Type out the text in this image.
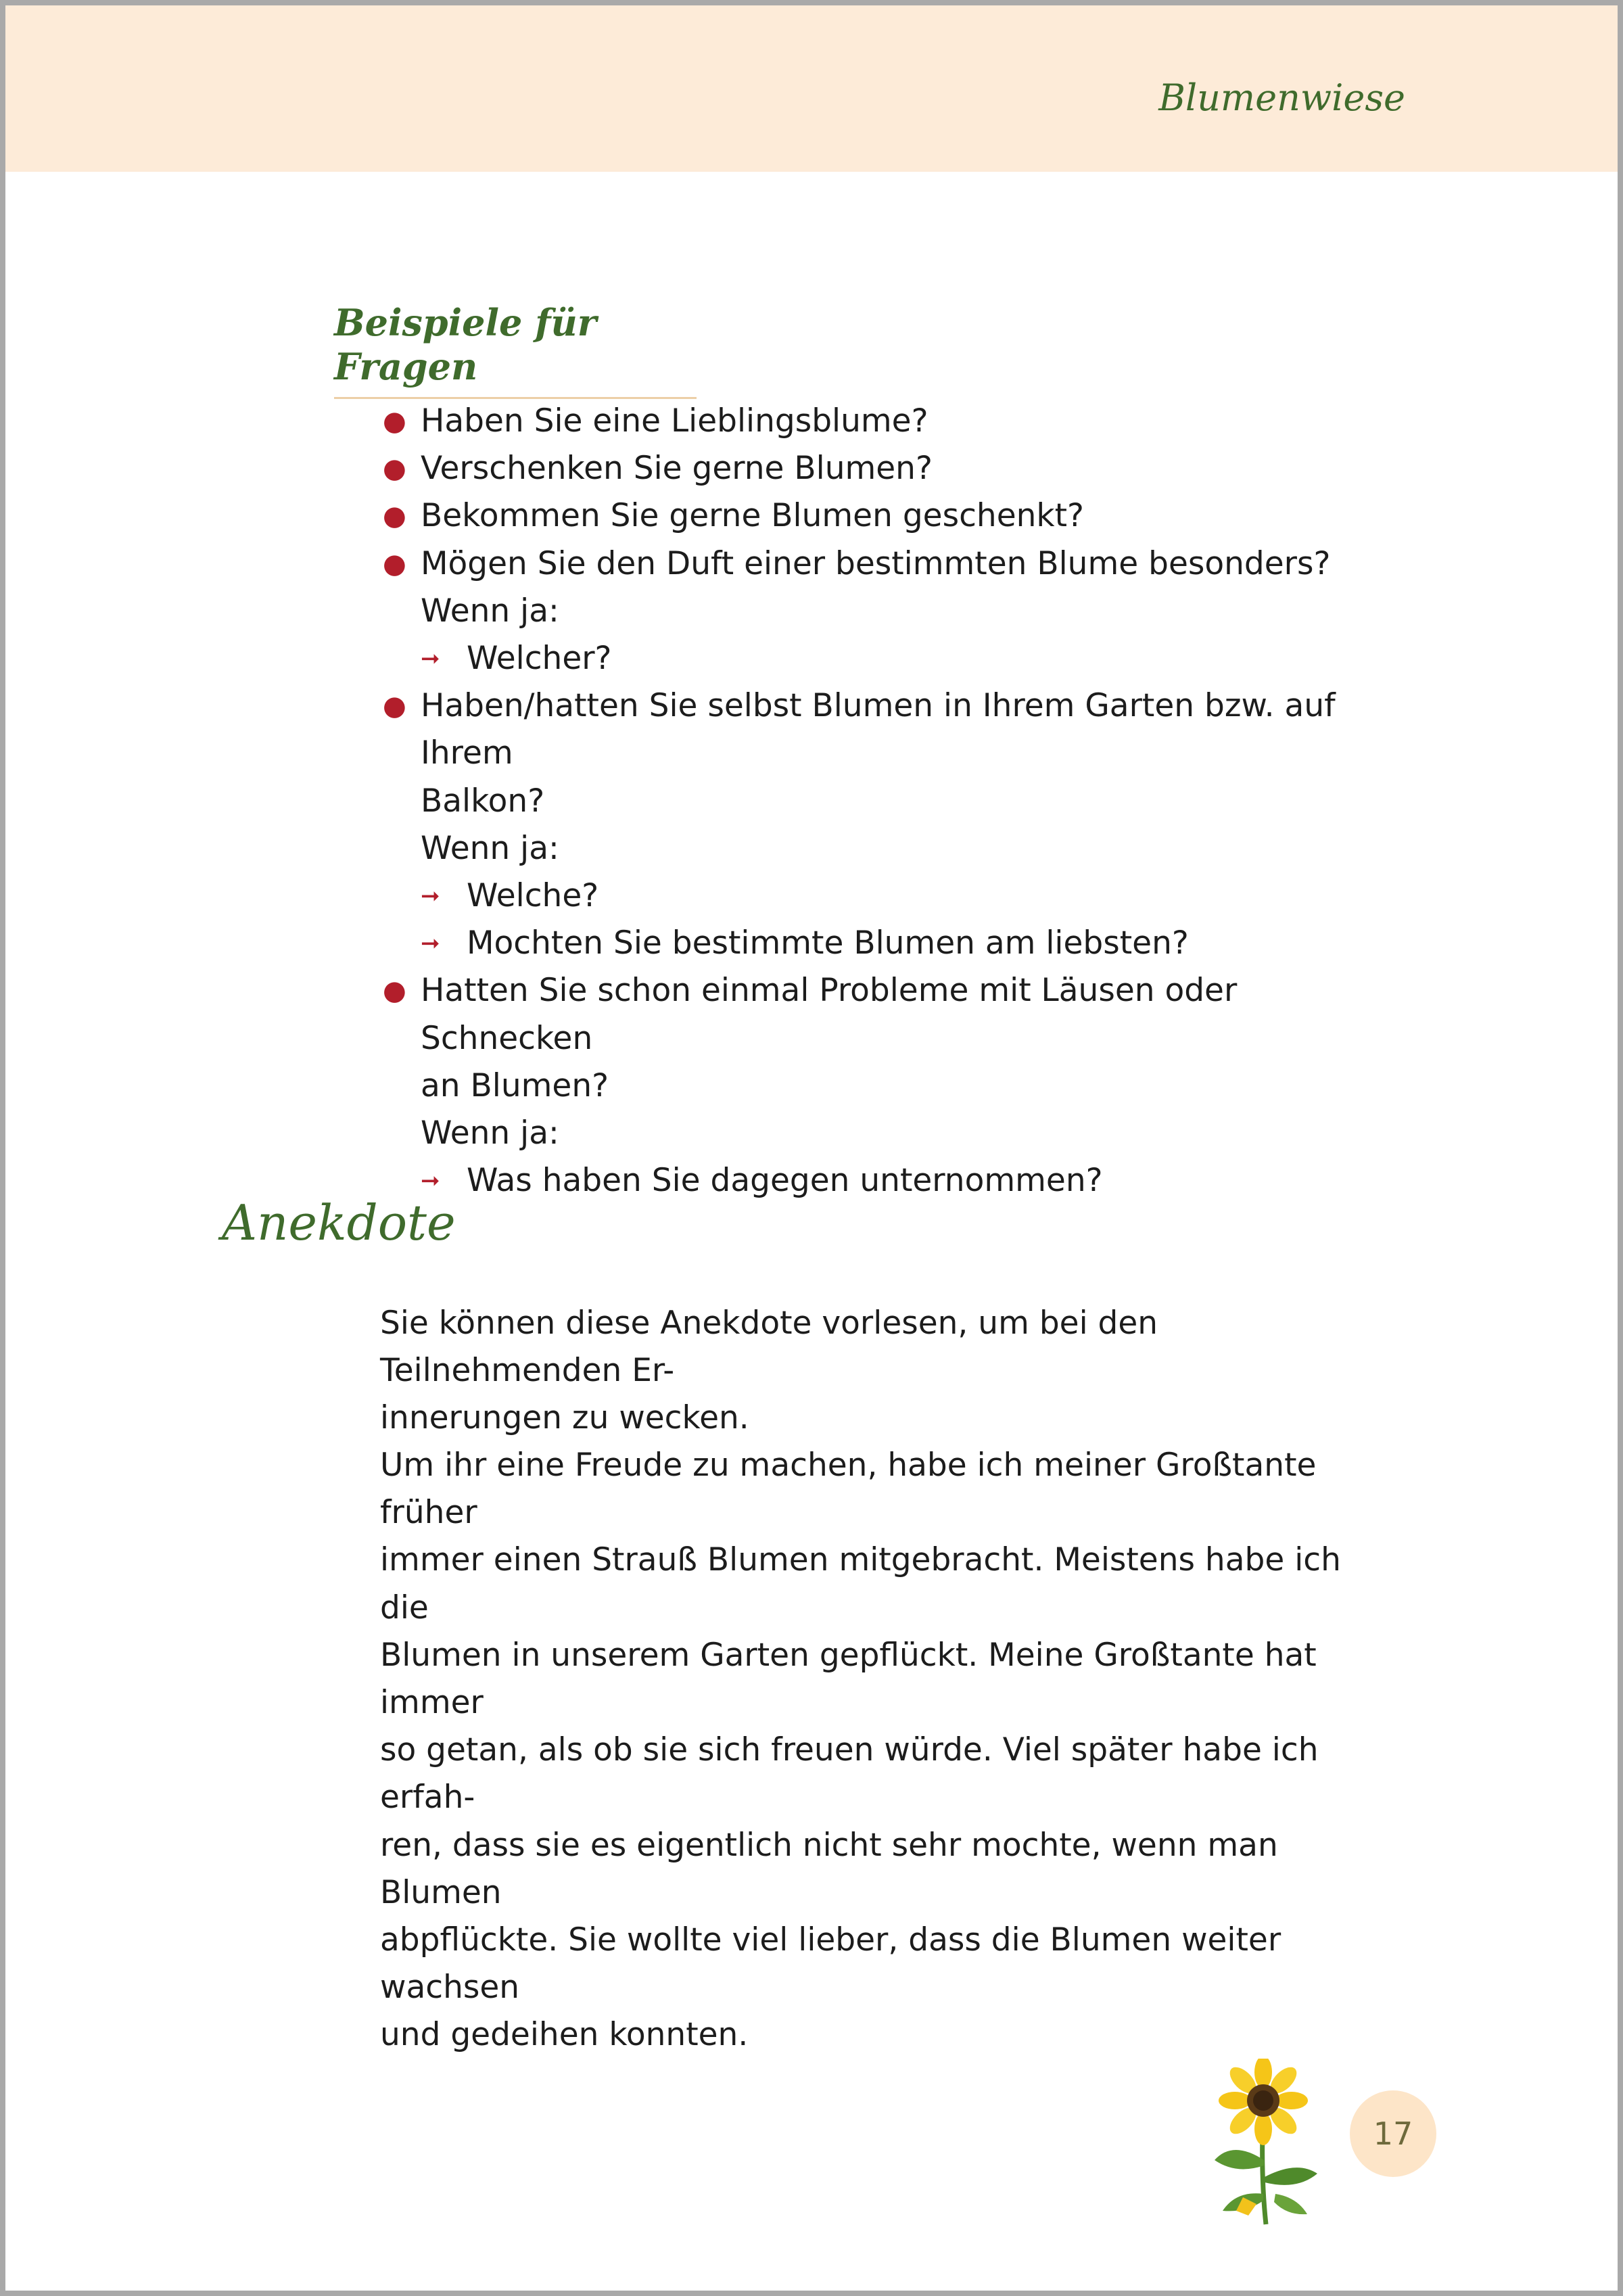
Blumenwiese

Beispiele für Fragen
● Haben Sie eine Lieblingsblume?
● Verschenken Sie gerne Blumen?
● Bekommen Sie gerne Blumen geschenkt?
● Mögen Sie den Duft einer bestimmten Blume besonders?
Wenn ja:
➞ Welcher?
● Haben/hatten Sie selbst Blumen in Ihrem Garten bzw. auf Ihrem
Balkon?
Wenn ja:
➞ Welche?
➞ Mochten Sie bestimmte Blumen am liebsten?
● Hatten Sie schon einmal Probleme mit Läusen oder Schnecken
an Blumen?
Wenn ja:
➞ Was haben Sie dagegen unternommen?
Anekdote
Sie können diese Anekdote vorlesen, um bei den Teilnehmenden Er-
innerungen zu wecken.
Um ihr eine Freude zu machen, habe ich meiner Großtante früher
immer einen Strauß Blumen mitgebracht. Meistens habe ich die
Blumen in unserem Garten gepflückt. Meine Großtante hat immer
so getan, als ob sie sich freuen würde. Viel später habe ich erfah-
ren, dass sie es eigentlich nicht sehr mochte, wenn man Blumen
abpflückte. Sie wollte viel lieber, dass die Blumen weiter wachsen
und gedeihen konnten.
17
